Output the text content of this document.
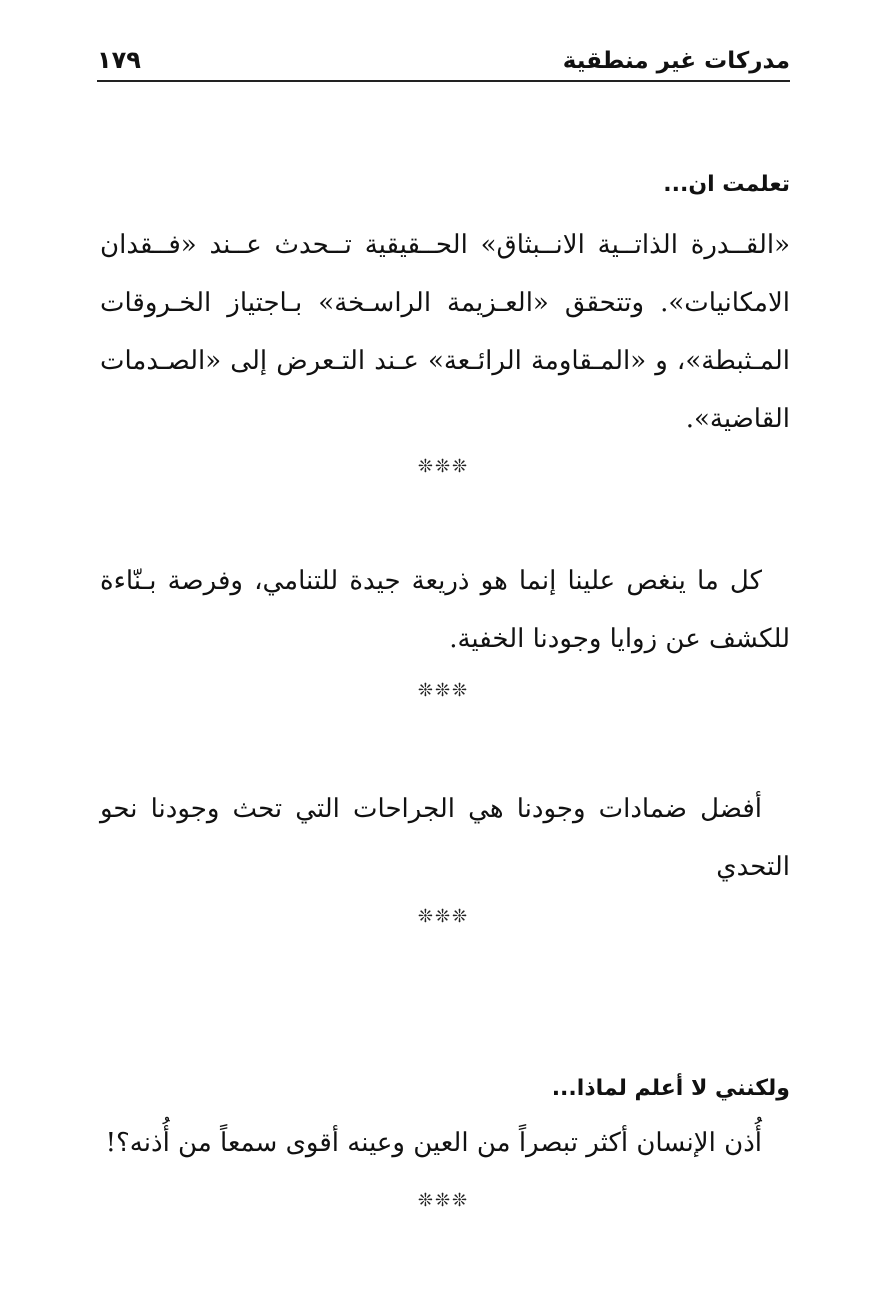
مدركات غير منطقية
١٧٩

تعلمت ان...

«القــدرة الذاتــية الانــبثاق» الحــقيقية تــحدث عــند «فــقدان الامكانيات». وتتحقق «العـزيمة الراسـخة» بـاجتياز الخـروقات المـثبطة»، و «المـقاومة الرائـعة» عـند التـعرض إلى «الصـدمات القاضية».

❊❊❊

كل ما ينغص علينا إنما هو ذريعة جيدة للتنامي، وفرصة بـنّاءة للكشف عن زوايا وجودنا الخفية.

❊❊❊

أفضل ضمادات وجودنا هي الجراحات التي تحث وجودنا نحو التحدي

❊❊❊

ولكنني لا أعلم لماذا...

أُذن الإنسان أكثر تبصراً من العين وعينه أقوى سمعاً من أُذنه؟!

❊❊❊
